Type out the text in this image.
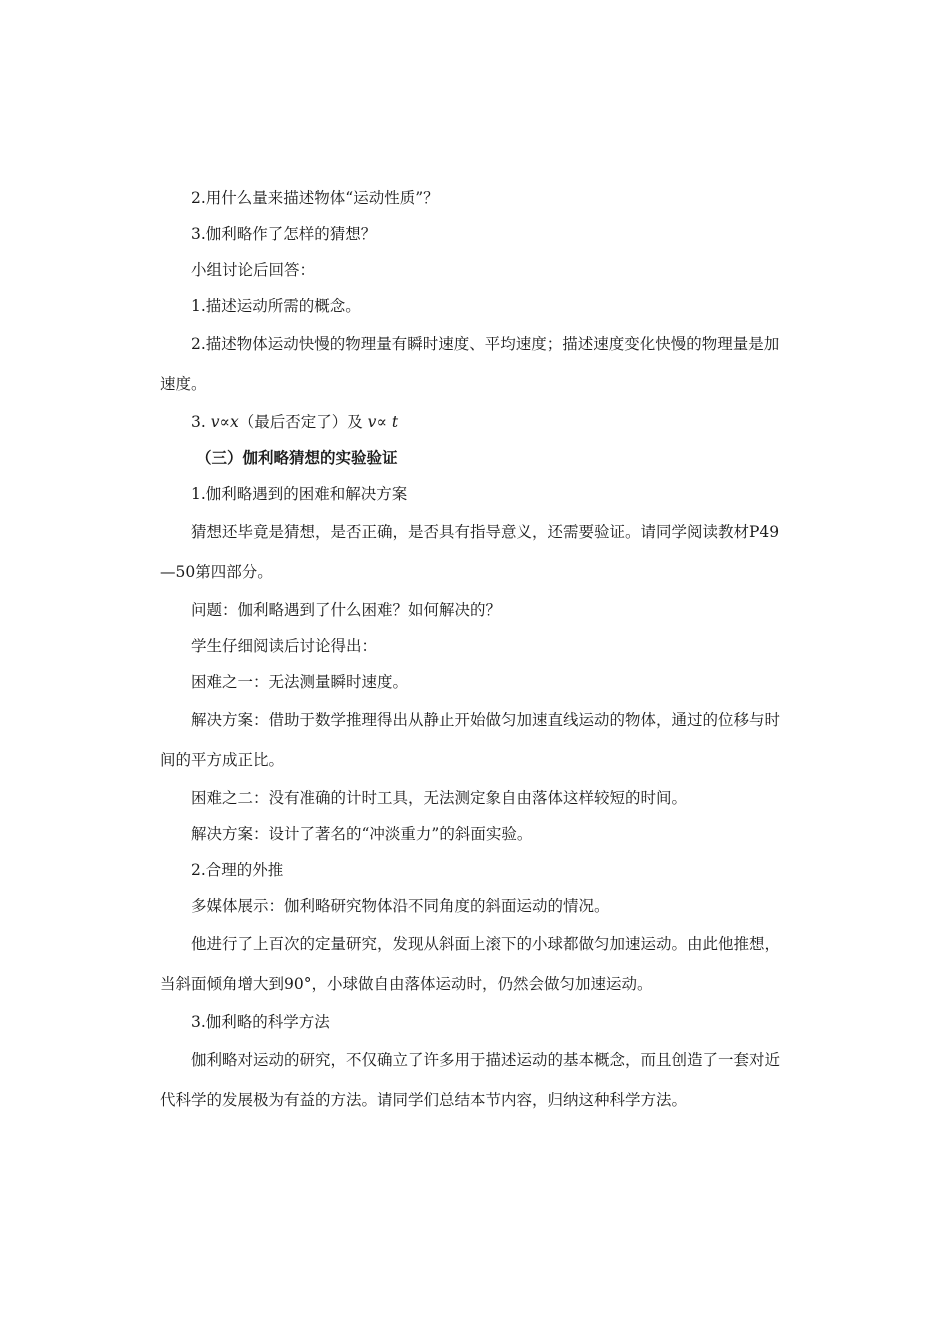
2.用什么量来描述物体“运动性质”？

3.伽利略作了怎样的猜想？

小组讨论后回答：

1.描述运动所需的概念。

2.描述物体运动快慢的物理量有瞬时速度、平均速度；描述速度变化快慢的物理量是加速度。

3. v∝x（最后否定了）及 v∝ t

（三）伽利略猜想的实验验证

1.伽利略遇到的困难和解决方案

猜想还毕竟是猜想，是否正确，是否具有指导意义，还需要验证。请同学阅读教材P49—50第四部分。

问题：伽利略遇到了什么困难？如何解决的？

学生仔细阅读后讨论得出：

困难之一：无法测量瞬时速度。

解决方案：借助于数学推理得出从静止开始做匀加速直线运动的物体，通过的位移与时间的平方成正比。

困难之二：没有准确的计时工具，无法测定象自由落体这样较短的时间。

解决方案：设计了著名的“冲淡重力”的斜面实验。

2.合理的外推

多媒体展示：伽利略研究物体沿不同角度的斜面运动的情况。

他进行了上百次的定量研究，发现从斜面上滚下的小球都做匀加速运动。由此他推想，当斜面倾角增大到90°，小球做自由落体运动时，仍然会做匀加速运动。

3.伽利略的科学方法

伽利略对运动的研究，不仅确立了许多用于描述运动的基本概念，而且创造了一套对近代科学的发展极为有益的方法。请同学们总结本节内容，归纳这种科学方法。
